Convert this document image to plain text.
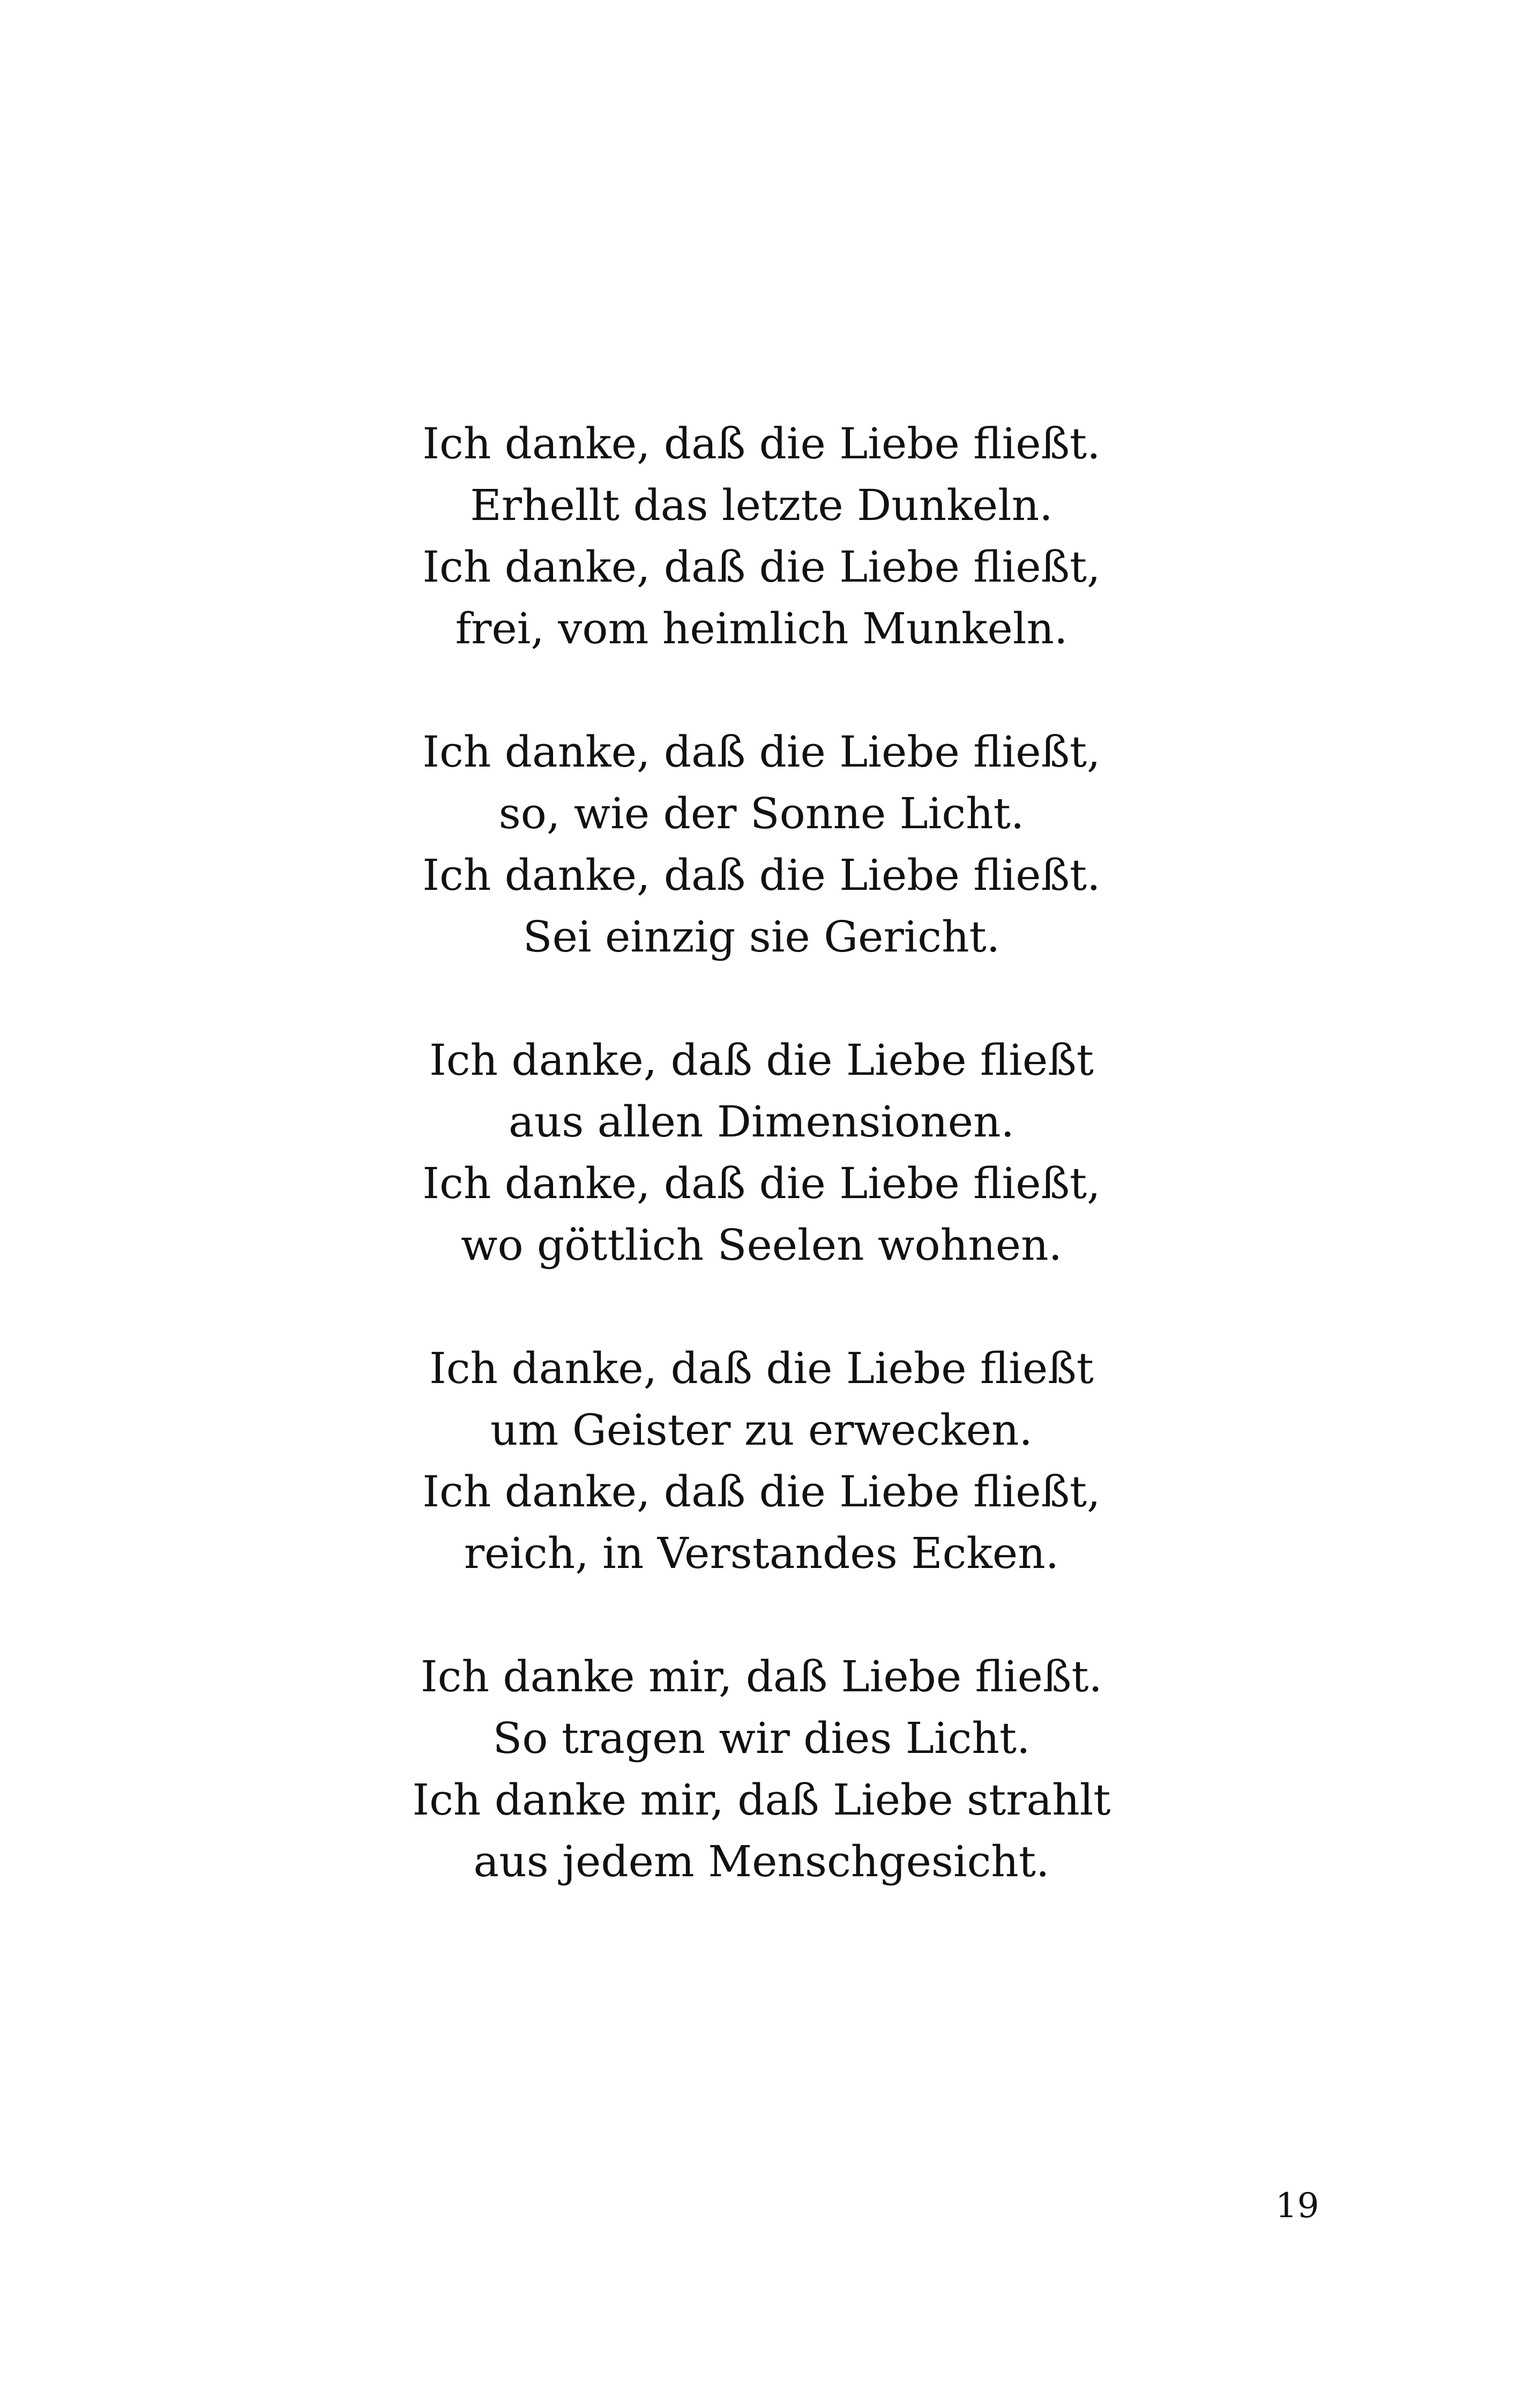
Ich danke, daß die Liebe fließt.
Erhellt das letzte Dunkeln.
Ich danke, daß die Liebe fließt,
frei, vom heimlich Munkeln.
Ich danke, daß die Liebe fließt,
so, wie der Sonne Licht.
Ich danke, daß die Liebe fließt.
Sei einzig sie Gericht.
Ich danke, daß die Liebe fließt
aus allen Dimensionen.
Ich danke, daß die Liebe fließt,
wo göttlich Seelen wohnen.
Ich danke, daß die Liebe fließt
um Geister zu erwecken.
Ich danke, daß die Liebe fließt,
reich, in Verstandes Ecken.
Ich danke mir, daß Liebe fließt.
So tragen wir dies Licht.
Ich danke mir, daß Liebe strahlt
aus jedem Menschgesicht.
19
